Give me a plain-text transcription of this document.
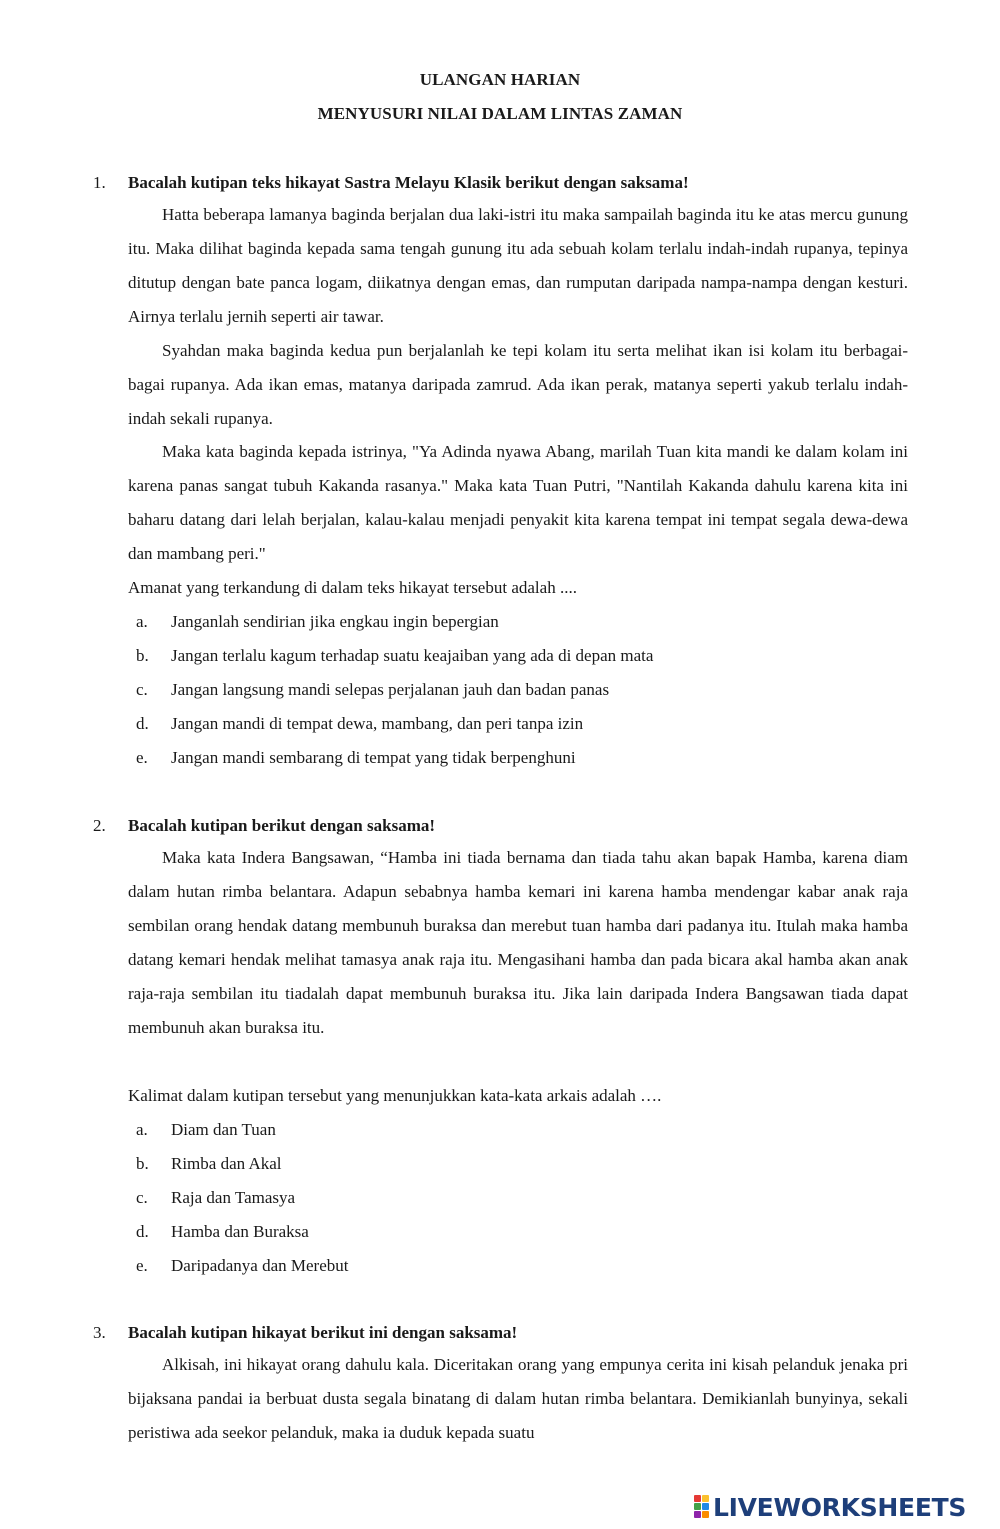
ULANGAN HARIAN
MENYUSURI NILAI DALAM LINTAS ZAMAN
1. Bacalah kutipan teks hikayat Sastra Melayu Klasik berikut dengan saksama!

Hatta beberapa lamanya baginda berjalan dua laki-istri itu maka sampailah baginda itu ke atas mercu gunung itu. Maka dilihat baginda kepada sama tengah gunung itu ada sebuah kolam terlalu indah-indah rupanya, tepinya ditutup dengan bate panca logam, diikatnya dengan emas, dan rumputan daripada nampa-nampa dengan kesturi. Airnya terlalu jernih seperti air tawar.

Syahdan maka baginda kedua pun berjalanlah ke tepi kolam itu serta melihat ikan isi kolam itu berbagai-bagai rupanya. Ada ikan emas, matanya daripada zamrud. Ada ikan perak, matanya seperti yakub terlalu indah-indah sekali rupanya.

Maka kata baginda kepada istrinya, "Ya Adinda nyawa Abang, marilah Tuan kita mandi ke dalam kolam ini karena panas sangat tubuh Kakanda rasanya." Maka kata Tuan Putri, "Nantilah Kakanda dahulu karena kita ini baharu datang dari lelah berjalan, kalau-kalau menjadi penyakit kita karena tempat ini tempat segala dewa-dewa dan mambang peri."

Amanat yang terkandung di dalam teks hikayat tersebut adalah ....
a. Janganlah sendirian jika engkau ingin bepergian
b. Jangan terlalu kagum terhadap suatu keajaiban yang ada di depan mata
c. Jangan langsung mandi selepas perjalanan jauh dan badan panas
d. Jangan mandi di tempat dewa, mambang, dan peri tanpa izin
e. Jangan mandi sembarang di tempat yang tidak berpenghuni
2. Bacalah kutipan berikut dengan saksama!

Maka kata Indera Bangsawan, “Hamba ini tiada bernama dan tiada tahu akan bapak Hamba, karena diam dalam hutan rimba belantara. Adapun sebabnya hamba kemari ini karena hamba mendengar kabar anak raja sembilan orang hendak datang membunuh buraksa dan merebut tuan hamba dari padanya itu. Itulah maka hamba datang kemari hendak melihat tamasya anak raja itu. Mengasihani hamba dan pada bicara akal hamba akan anak raja-raja sembilan itu tiadalah dapat membunuh buraksa itu. Jika lain daripada Indera Bangsawan tiada dapat membunuh akan buraksa itu.

Kalimat dalam kutipan tersebut yang menunjukkan kata-kata arkais adalah ….
a. Diam dan Tuan
b. Rimba dan Akal
c. Raja dan Tamasya
d. Hamba dan Buraksa
e. Daripadanya dan Merebut
3. Bacalah kutipan hikayat berikut ini dengan saksama!

Alkisah, ini hikayat orang dahulu kala. Diceritakan orang yang empunya cerita ini kisah pelanduk jenaka pri bijaksana pandai ia berbuat dusta segala binatang di dalam hutan rimba belantara. Demikianlah bunyinya, sekali peristiwa ada seekor pelanduk, maka ia duduk kepada suatu

LIVEWORKSHEETS
